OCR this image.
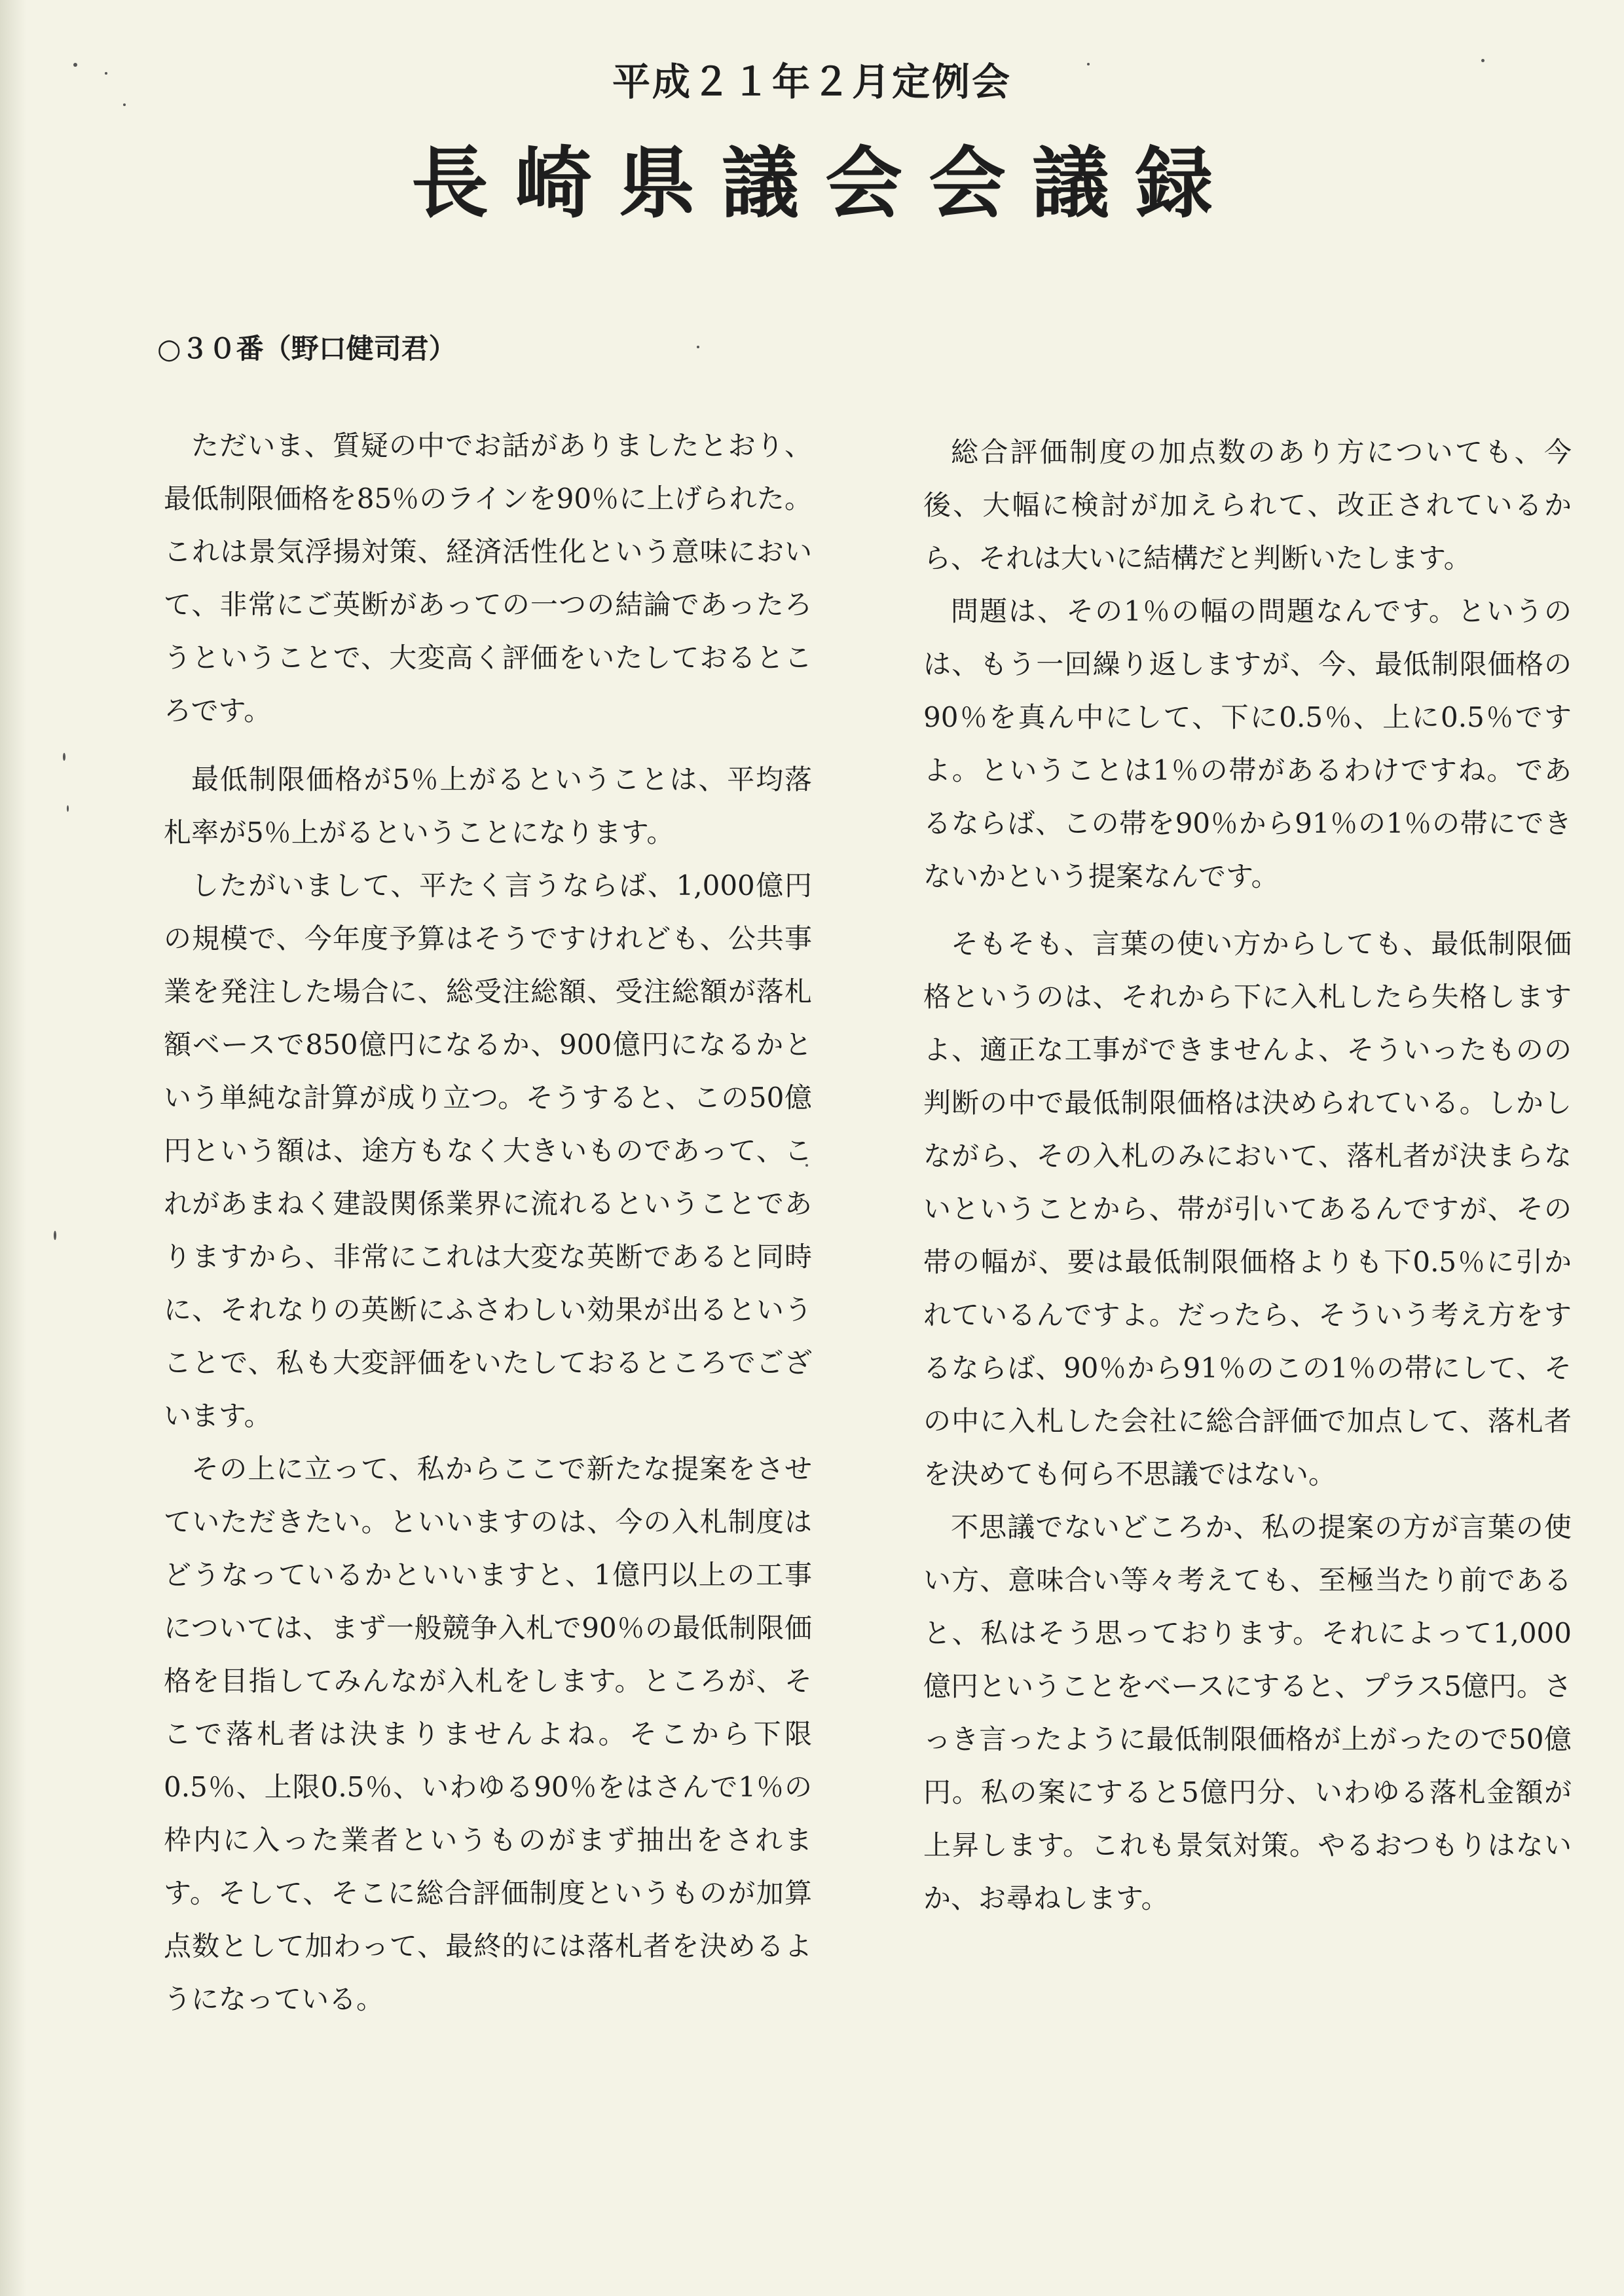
平成２１年２月定例会
長崎県議会会議録
○３０番（野口健司君）

ただいま、質疑の中でお話がありましたとおり、最低制限価格を85％のラインを90％に上げられた。これは景気浮揚対策、経済活性化という意味において、非常にご英断があっての一つの結論であったろうということで、大変高く評価をいたしておるところです。

最低制限価格が5％上がるということは、平均落札率が5％上がるということになります。

したがいまして、平たく言うならば、1,000億円の規模で、今年度予算はそうですけれども、公共事業を発注した場合に、総受注総額、受注総額が落札額ベースで850億円になるか、900億円になるかという単純な計算が成り立つ。そうすると、この50億円という額は、途方もなく大きいものであって、これがあまねく建設関係業界に流れるということでありますから、非常にこれは大変な英断であると同時に、それなりの英断にふさわしい効果が出るということで、私も大変評価をいたしておるところでございます。

その上に立って、私からここで新たな提案をさせていただきたい。といいますのは、今の入札制度はどうなっているかといいますと、1億円以上の工事については、まず一般競争入札で90％の最低制限価格を目指してみんなが入札をします。ところが、そこで落札者は決まりませんよね。そこから下限0.5％、上限0.5％、いわゆる90％をはさんで1％の枠内に入った業者というものがまず抽出をされます。そして、そこに総合評価制度というものが加算点数として加わって、最終的には落札者を決めるようになっている。

総合評価制度の加点数のあり方についても、今後、大幅に検討が加えられて、改正されているから、それは大いに結構だと判断いたします。

問題は、その1％の幅の問題なんです。というのは、もう一回繰り返しますが、今、最低制限価格の90％を真ん中にして、下に0.5％、上に0.5％ですよ。ということは1％の帯があるわけですね。であるならば、この帯を90％から91％の1％の帯にできないかという提案なんです。

そもそも、言葉の使い方からしても、最低制限価格というのは、それから下に入札したら失格しますよ、適正な工事ができませんよ、そういったものの判断の中で最低制限価格は決められている。しかしながら、その入札のみにおいて、落札者が決まらないということから、帯が引いてあるんですが、その帯の幅が、要は最低制限価格よりも下0.5％に引かれているんですよ。だったら、そういう考え方をするならば、90％から91％のこの1％の帯にして、その中に入札した会社に総合評価で加点して、落札者を決めても何ら不思議ではない。

不思議でないどころか、私の提案の方が言葉の使い方、意味合い等々考えても、至極当たり前であると、私はそう思っております。それによって1,000億円ということをベースにすると、プラス5億円。さっき言ったように最低制限価格が上がったので50億円。私の案にすると5億円分、いわゆる落札金額が上昇します。これも景気対策。やるおつもりはないか、お尋ねします。
